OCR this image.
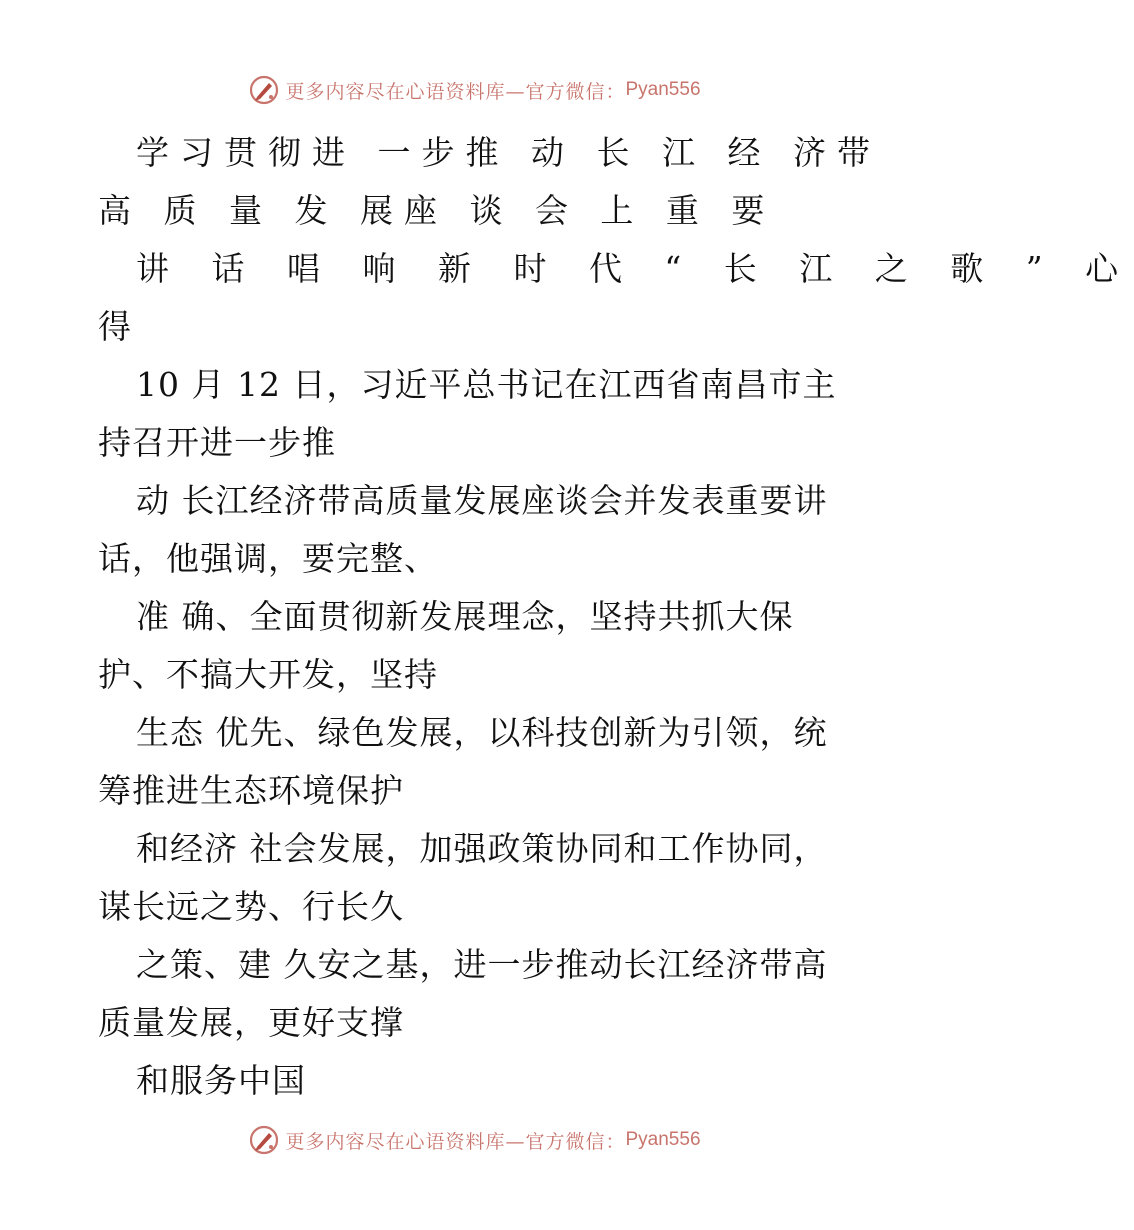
更多内容尽在心语资料库—官方微信： Pyan556
学习贯彻进 一步推 动 长 江 经 济带
高 质 量 发 展座 谈 会 上 重 要
讲 话 唱 响 新 时 代 “ 长 江 之 歌 ” 心
得
10 月 12 日，习近平总书记在江西省南昌市主
持召开进一步推
动 长江经济带高质量发展座谈会并发表重要讲
话，他强调，要完整、
准 确、全面贯彻新发展理念，坚持共抓大保
护、不搞大开发，坚持
生态 优先、绿色发展，以科技创新为引领，统
筹推进生态环境保护
和经济 社会发展，加强政策协同和工作协同，
谋长远之势、行长久
之策、建 久安之基，进一步推动长江经济带高
质量发展，更好支撑
和服务中国
更多内容尽在心语资料库—官方微信： Pyan556
